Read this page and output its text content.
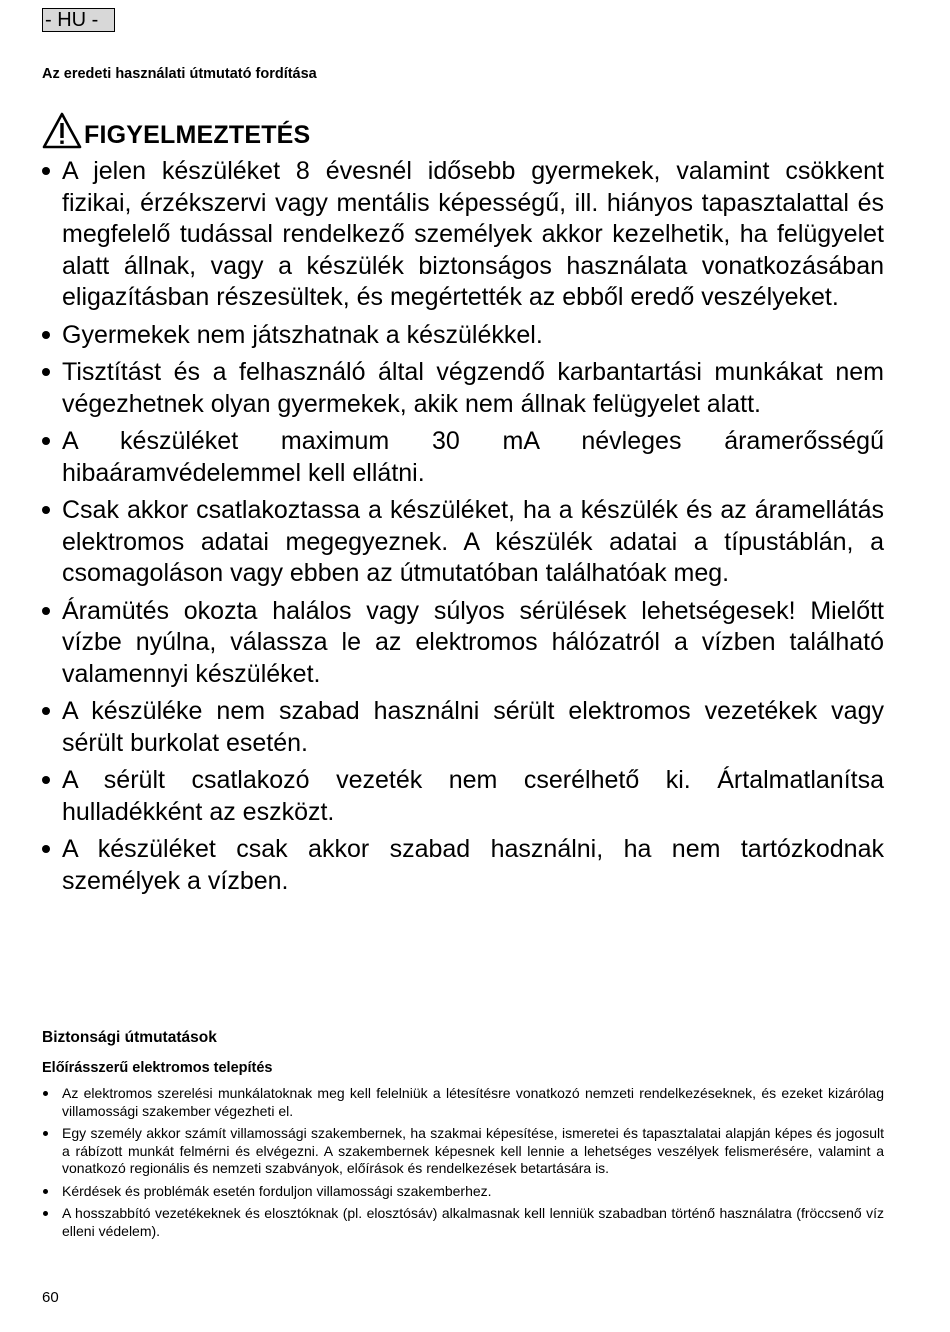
- HU -
Az eredeti használati útmutató fordítása
FIGYELMEZTETÉS
A jelen készüléket 8 évesnél idősebb gyermekek, valamint csökkent fizikai, érzékszervi vagy mentális képességű, ill. hiányos tapasztalattal és megfelelő tudással rendelkező személyek akkor kezelhetik, ha felügyelet alatt állnak, vagy a készülék biztonságos használata vonatkozásában eligazításban részesültek, és megértették az ebből eredő veszélyeket.
Gyermekek nem játszhatnak a készülékkel.
Tisztítást és a felhasználó által végzendő karbantartási munkákat nem végezhetnek olyan gyermekek, akik nem állnak felügyelet alatt.
A készüléket maximum 30 mA névleges áramerősségű hibaáramvédelemmel kell ellátni.
Csak akkor csatlakoztassa a készüléket, ha a készülék és az áramellátás elektromos adatai megegyeznek. A készülék adatai a típustáblán, a csomagoláson vagy ebben az útmutatóban találhatóak meg.
Áramütés okozta halálos vagy súlyos sérülések lehetségesek! Mielőtt vízbe nyúlna, válassza le az elektromos hálózatról a vízben található valamennyi készüléket.
A készüléke nem szabad használni sérült elektromos vezetékek vagy sérült burkolat esetén.
A sérült csatlakozó vezeték nem cserélhető ki. Ártalmatlanítsa hulladékként az eszközt.
A készüléket csak akkor szabad használni, ha nem tartózkodnak személyek a vízben.
Biztonsági útmutatások
Előírásszerű elektromos telepítés
Az elektromos szerelési munkálatoknak meg kell felelniük a létesítésre vonatkozó nemzeti rendelkezéseknek, és ezeket kizárólag villamossági szakember végezheti el.
Egy személy akkor számít villamossági szakembernek, ha szakmai képesítése, ismeretei és tapasztalatai alapján képes és jogosult a rábízott munkát felmérni és elvégezni. A szakembernek képesnek kell lennie a lehetséges veszélyek felismerésére, valamint a vonatkozó regionális és nemzeti szabványok, előírások és rendelkezések betartására is.
Kérdések és problémák esetén forduljon villamossági szakemberhez.
A hosszabbító vezetékeknek és elosztóknak (pl. elosztósáv) alkalmasnak kell lenniük szabadban történő használatra (fröccsenő víz elleni védelem).
60
